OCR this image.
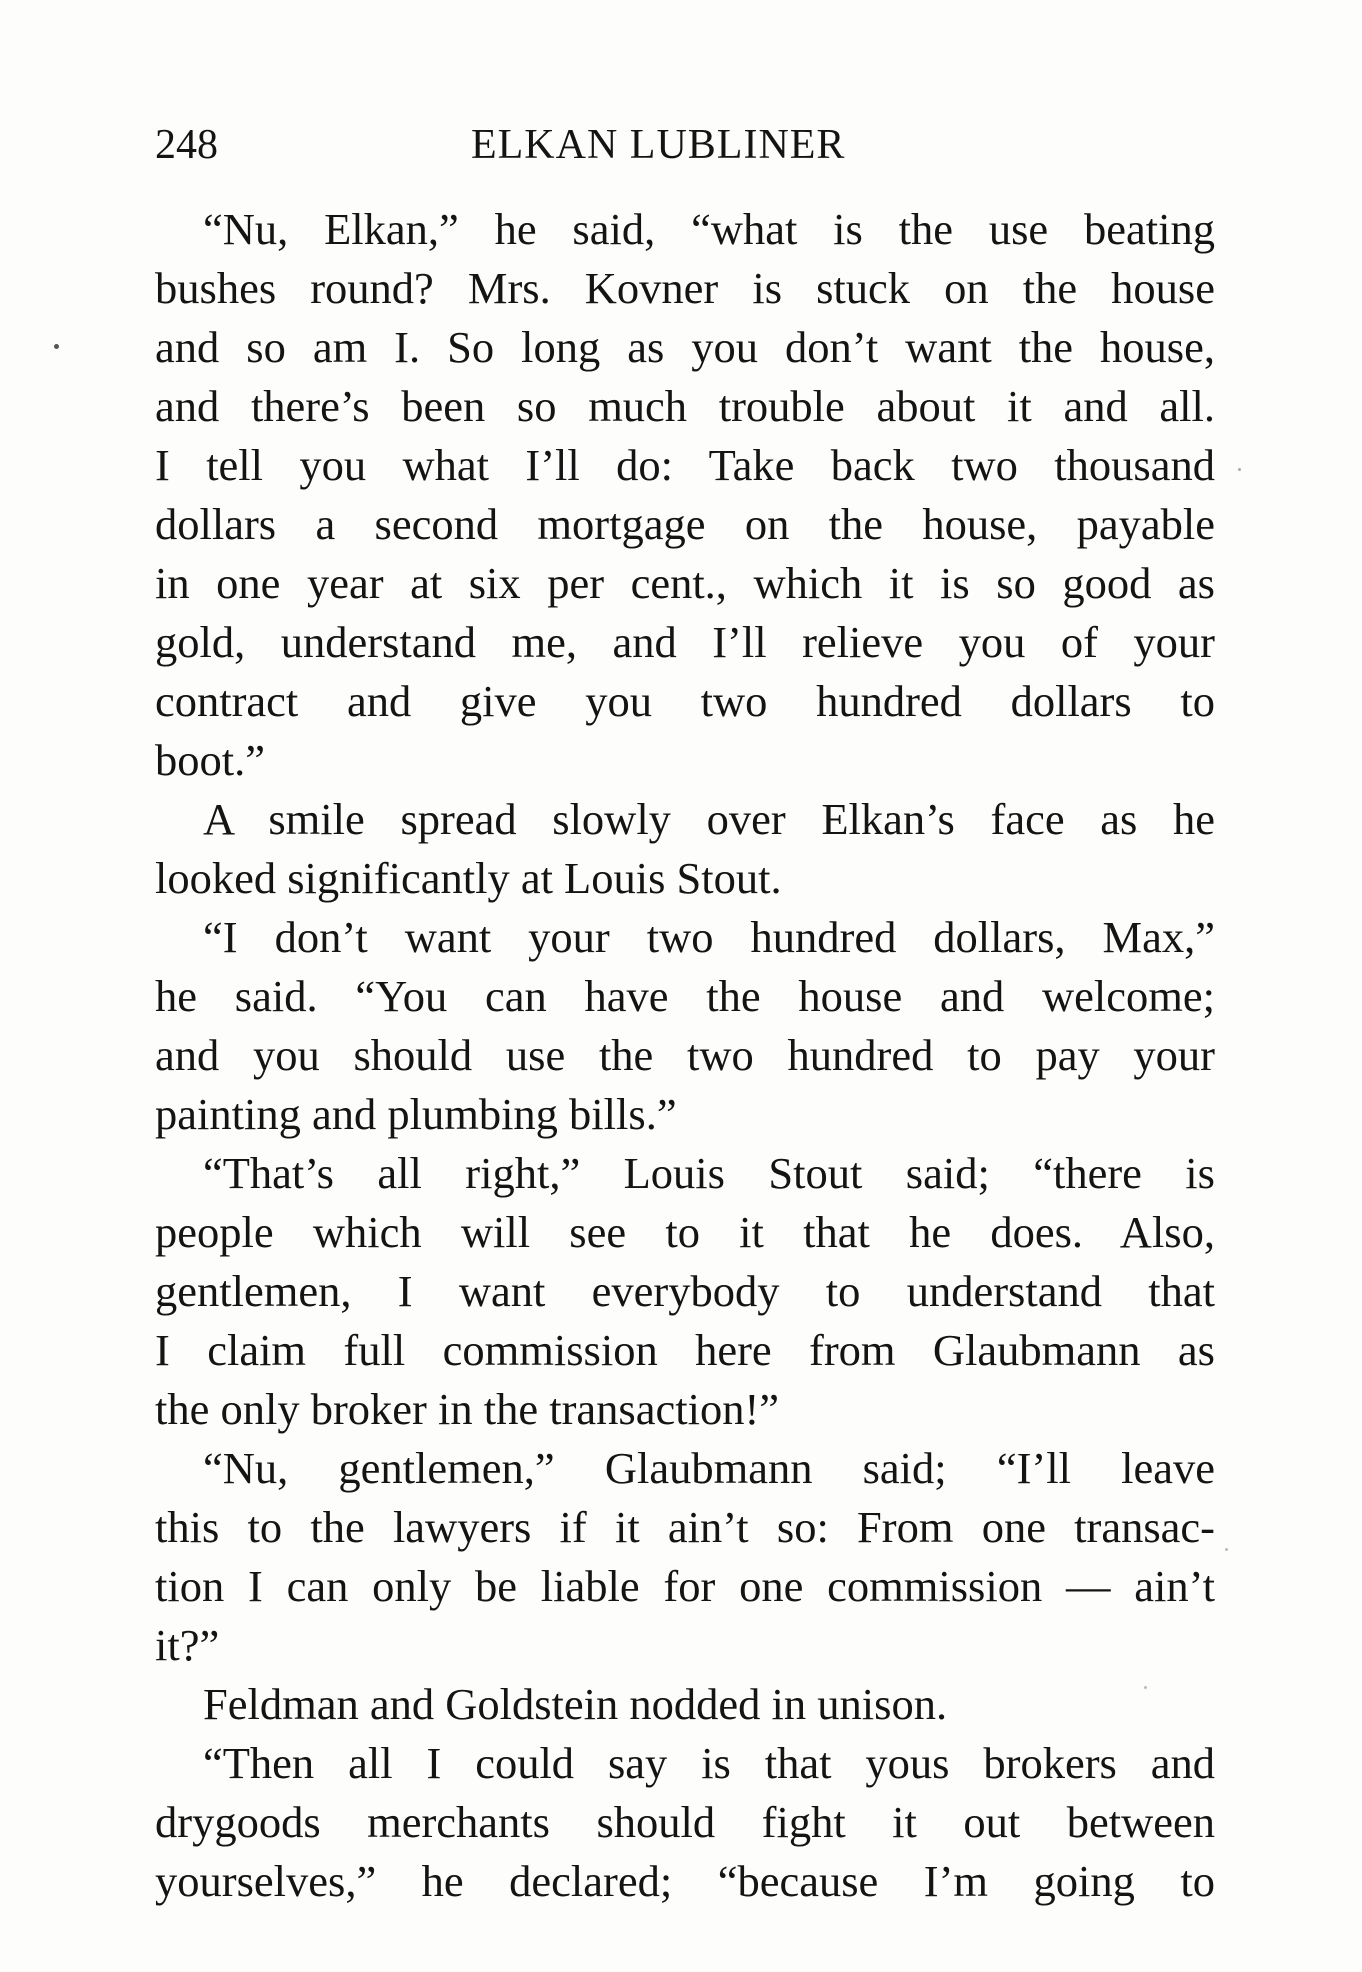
248	ELKAN LUBLINER
“Nu, Elkan,” he said, “what is the use beating
bushes round? Mrs. Kovner is stuck on the house
and so am I. So long as you don’t want the house,
and there’s been so much trouble about it and all.
I tell you what I’ll do: Take back two thousand
dollars a second mortgage on the house, payable
in one year at six per cent., which it is so good as
gold, understand me, and I’ll relieve you of your
contract and give you two hundred dollars to
boot.”
A smile spread slowly over Elkan’s face as he
looked significantly at Louis Stout.
“I don’t want your two hundred dollars, Max,”
he said. “You can have the house and welcome;
and you should use the two hundred to pay your
painting and plumbing bills.”
“That’s all right,” Louis Stout said; “there is
people which will see to it that he does. Also,
gentlemen, I want everybody to understand that
I claim full commission here from Glaubmann as
the only broker in the transaction!”
“Nu, gentlemen,” Glaubmann said; “I’ll leave
this to the lawyers if it ain’t so: From one transac-
tion I can only be liable for one commission — ain’t
it?”
Feldman and Goldstein nodded in unison.
“Then all I could say is that yous brokers and
drygoods merchants should fight it out between
yourselves,” he declared; “because I’m going to
